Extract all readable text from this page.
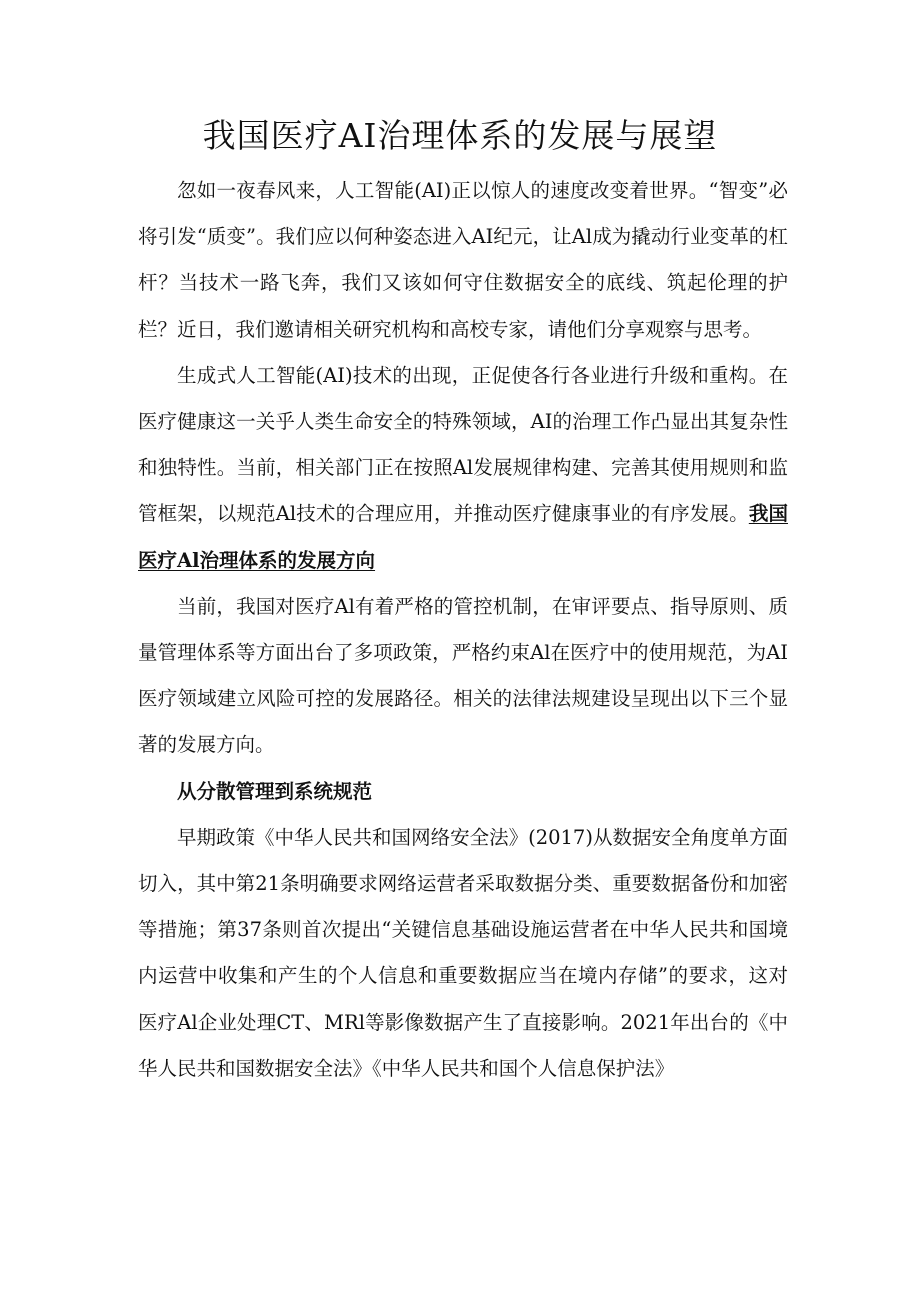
我国医疗AI治理体系的发展与展望

忽如一夜春风来，人工智能(AI)正以惊人的速度改变着世界。“智变”必将引发“质变”。我们应以何种姿态进入AI纪元，让Al成为撬动行业变革的杠杆？当技术一路飞奔，我们又该如何守住数据安全的底线、筑起伦理的护栏？近日，我们邀请相关研究机构和高校专家，请他们分享观察与思考。

生成式人工智能(AI)技术的出现，正促使各行各业进行升级和重构。在医疗健康这一关乎人类生命安全的特殊领域，AI的治理工作凸显出其复杂性和独特性。当前，相关部门正在按照Al发展规律构建、完善其使用规则和监管框架，以规范Al技术的合理应用，并推动医疗健康事业的有序发展。我国医疗Al治理体系的发展方向

当前，我国对医疗Al有着严格的管控机制，在审评要点、指导原则、质量管理体系等方面出台了多项政策，严格约束Al在医疗中的使用规范，为AI医疗领域建立风险可控的发展路径。相关的法律法规建设呈现出以下三个显著的发展方向。

从分散管理到系统规范

早期政策《中华人民共和国网络安全法》(2017)从数据安全角度单方面切入，其中第21条明确要求网络运营者采取数据分类、重要数据备份和加密等措施；第37条则首次提出“关键信息基础设施运营者在中华人民共和国境内运营中收集和产生的个人信息和重要数据应当在境内存储”的要求，这对医疗Al企业处理CT、MRl等影像数据产生了直接影响。2021年出台的《中华人民共和国数据安全法》《中华人民共和国个人信息保护法》
